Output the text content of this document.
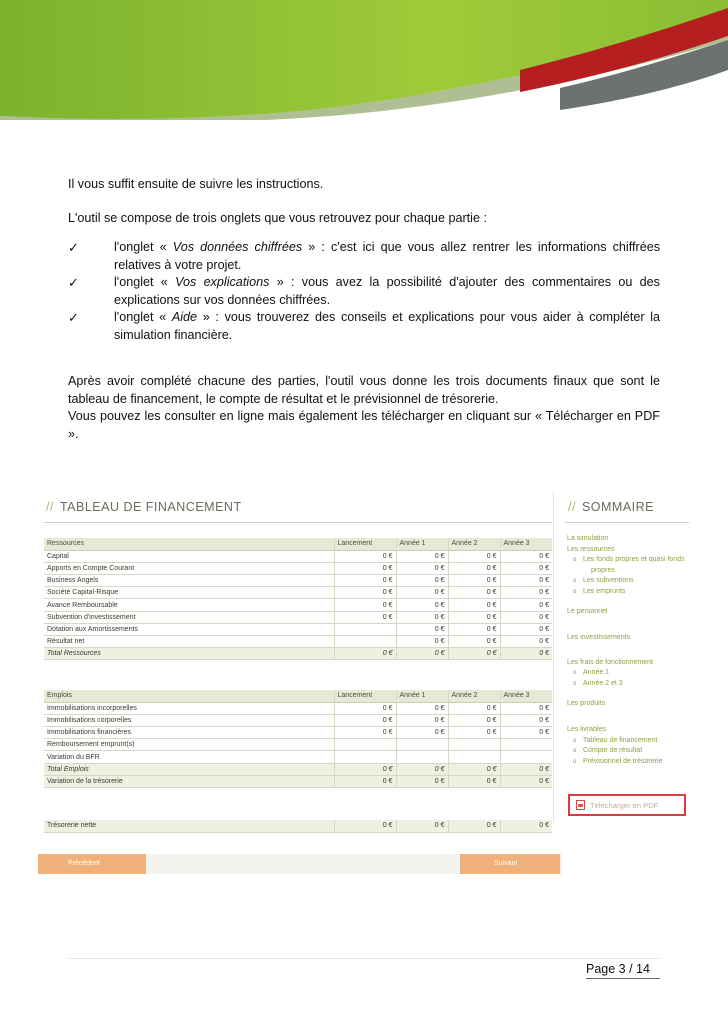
Il vous suffit ensuite de suivre les instructions.

L'outil se compose de trois onglets que vous retrouvez pour chaque partie :

✓	l'onglet « Vos données chiffrées » : c'est ici que vous allez rentrer les informations chiffrées relatives à votre projet.
✓	l'onglet « Vos explications » : vous avez la possibilité d'ajouter des commentaires ou des explications sur vos données chiffrées.
✓	l'onglet « Aide » : vous trouverez des conseils et explications pour vous aider à compléter la simulation financière.

Après avoir complété chacune des parties, l'outil vous donne les trois documents finaux que sont le tableau de financement, le compte de résultat et le prévisionnel de trésorerie.

Vous pouvez les consulter en ligne mais également les télécharger en cliquant sur « Télécharger en PDF ».

// TABLEAU DE FINANCEMENT
Ressources	Lancement	Année 1	Année 2	Année 3
Capital	0 €	0 €	0 €	0 €
Apports en Compte Courant	0 €	0 €	0 €	0 €
Business Angels	0 €	0 €	0 €	0 €
Société Capital-Risque	0 €	0 €	0 €	0 €
Avance Remboursable	0 €	0 €	0 €	0 €
Subvention d'investissement	0 €	0 €	0 €	0 €
Dotation aux Amortissements		0 €	0 €	0 €
Résultat net		0 €	0 €	0 €
Total Ressources	0 €	0 €	0 €	0 €
Emplois	Lancement	Année 1	Année 2	Année 3
Immobilisations incorporelles	0 €	0 €	0 €	0 €
Immobilisations corporelles	0 €	0 €	0 €	0 €
Immobilisations financières	0 €	0 €	0 €	0 €
Remboursement emprunt(s)				
Variation du BFR				
Total Emplois	0 €	0 €	0 €	0 €
Variation de la trésorerie	0 €	0 €	0 €	0 €
Trésorerie nette	0 €	0 €	0 €	0 €
Précédent	Suivant
// SOMMAIRE
La simulation
Les ressources
o Les fonds propres et quasi fonds
propres
o Les subventions
o Les emprunts
Le personnel
Les investissements
Les frais de fonctionnement
o Année 1
o Année 2 et 3
Les produits
Les livrables
o Tableau de financement
o Compte de résultat
o Prévisionnel de trésorerie
Télécharger en PDF
Page 3 / 14
